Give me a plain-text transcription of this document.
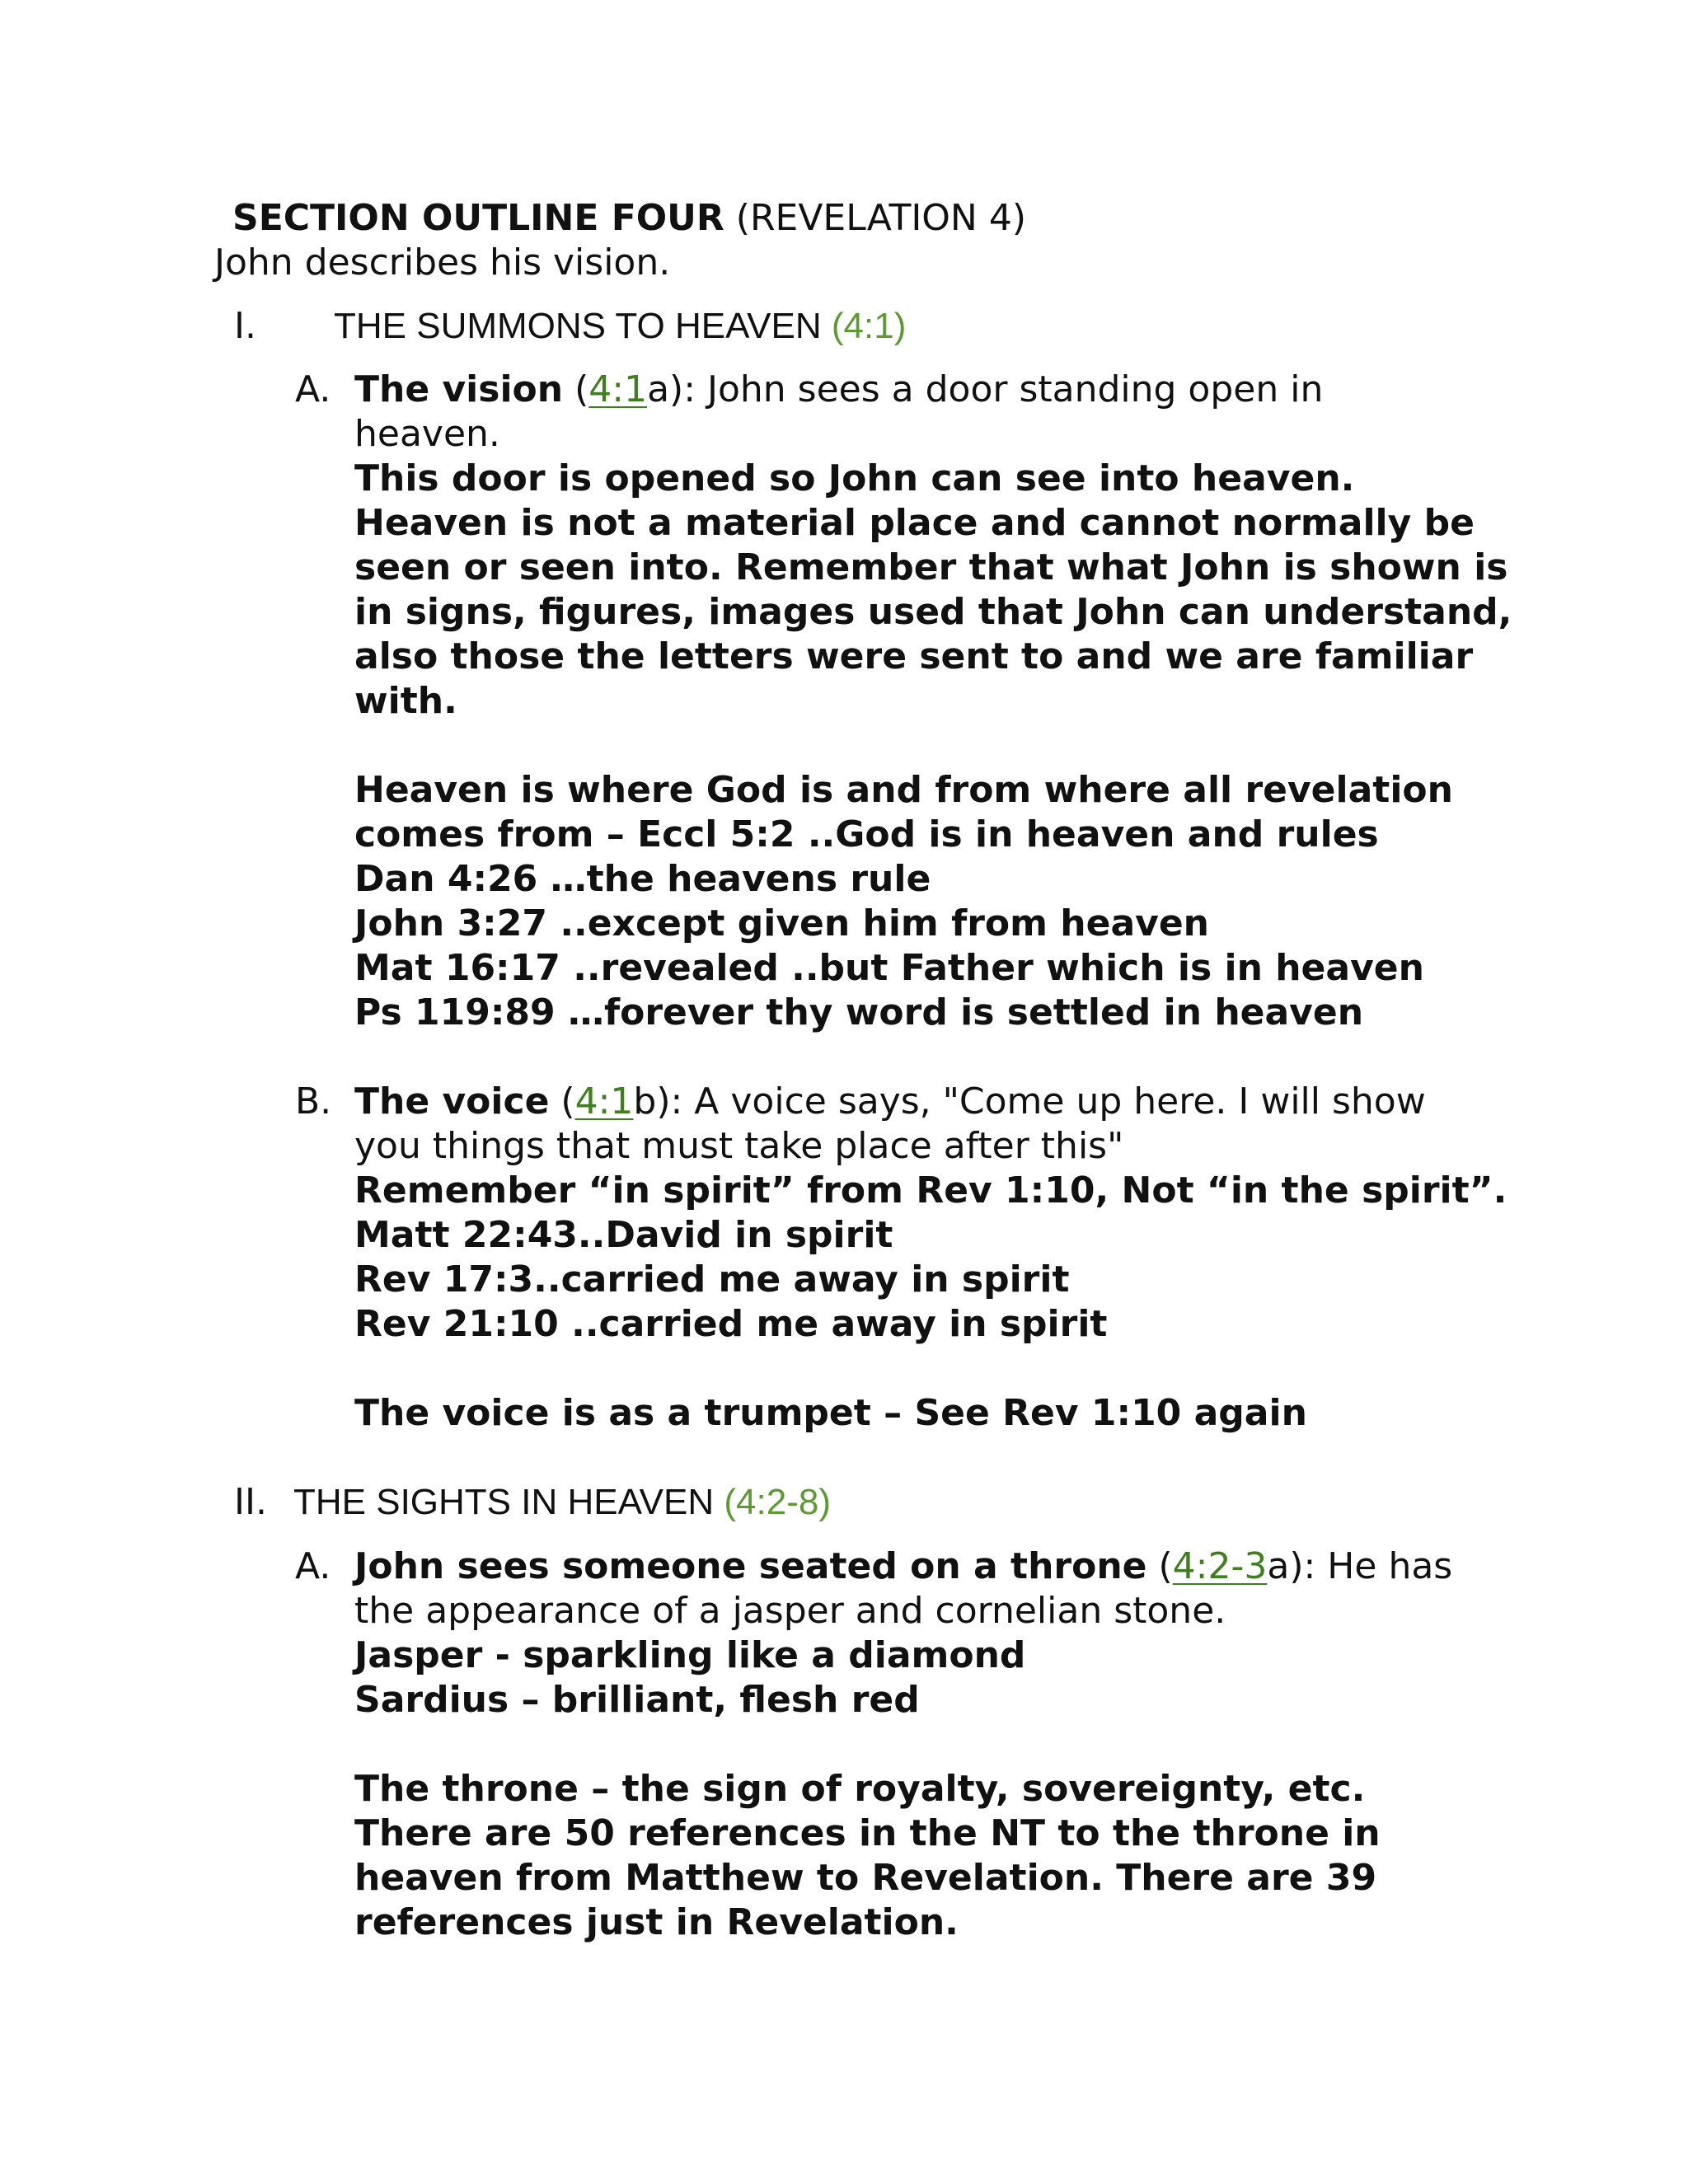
SECTION OUTLINE FOUR (REVELATION 4)
John describes his vision.
I. THE SUMMONS TO HEAVEN (4:1)
A. The vision (4:1a): John sees a door standing open in
heaven.
This door is opened so John can see into heaven.
Heaven is not a material place and cannot normally be
seen or seen into. Remember that what John is shown is
in signs, figures, images used that John can understand,
also those the letters were sent to and we are familiar
with.
Heaven is where God is and from where all revelation
comes from – Eccl 5:2 ..God is in heaven and rules
Dan 4:26 …the heavens rule
John 3:27 ..except given him from heaven
Mat 16:17 ..revealed ..but Father which is in heaven
Ps 119:89 …forever thy word is settled in heaven
B. The voice (4:1b): A voice says, "Come up here. I will show
you things that must take place after this"
Remember “in spirit” from Rev 1:10, Not “in the spirit”.
Matt 22:43..David in spirit
Rev 17:3..carried me away in spirit
Rev 21:10 ..carried me away in spirit
The voice is as a trumpet – See Rev 1:10 again
II. THE SIGHTS IN HEAVEN (4:2-8)
A. John sees someone seated on a throne (4:2-3a): He has
the appearance of a jasper and cornelian stone.
Jasper - sparkling like a diamond
Sardius – brilliant, flesh red
The throne – the sign of royalty, sovereignty, etc.
There are 50 references in the NT to the throne in
heaven from Matthew to Revelation. There are 39
references just in Revelation.
